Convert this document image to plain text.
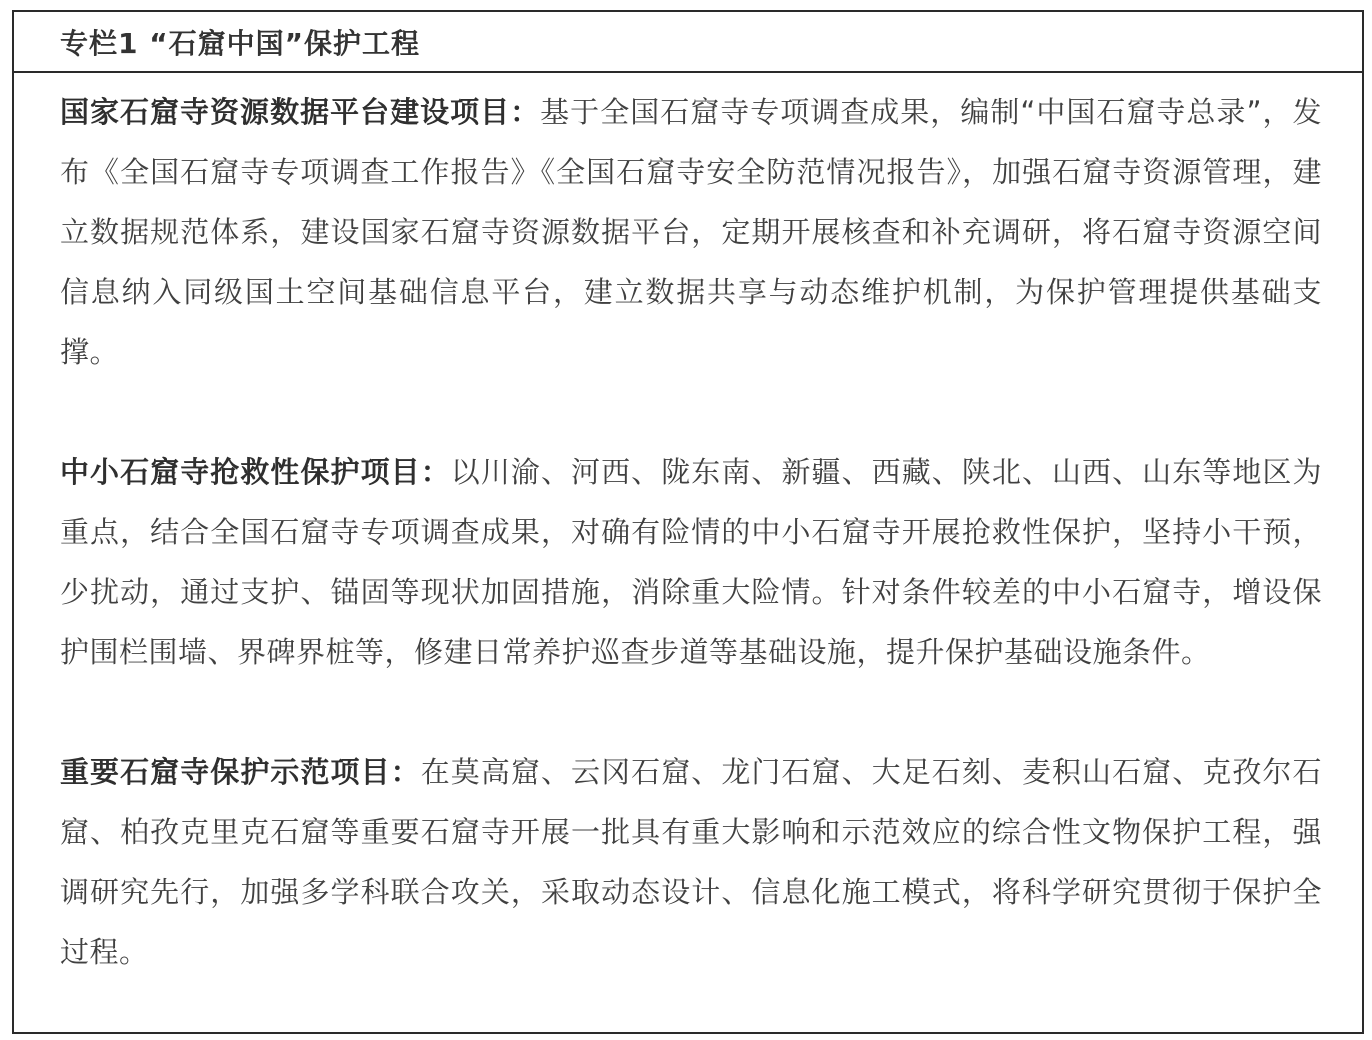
专栏1 “石窟中国”保护工程

国家石窟寺资源数据平台建设项目：基于全国石窟寺专项调查成果，编制“中国石窟寺总录”，发布《全国石窟寺专项调查工作报告》《全国石窟寺安全防范情况报告》，加强石窟寺资源管理，建立数据规范体系，建设国家石窟寺资源数据平台，定期开展核查和补充调研，将石窟寺资源空间信息纳入同级国土空间基础信息平台，建立数据共享与动态维护机制，为保护管理提供基础支撑。

中小石窟寺抢救性保护项目：以川渝、河西、陇东南、新疆、西藏、陕北、山西、山东等地区为重点，结合全国石窟寺专项调查成果，对确有险情的中小石窟寺开展抢救性保护，坚持小干预，少扰动，通过支护、锚固等现状加固措施，消除重大险情。针对条件较差的中小石窟寺，增设保护围栏围墙、界碑界桩等，修建日常养护巡查步道等基础设施，提升保护基础设施条件。

重要石窟寺保护示范项目：在莫高窟、云冈石窟、龙门石窟、大足石刻、麦积山石窟、克孜尔石窟、柏孜克里克石窟等重要石窟寺开展一批具有重大影响和示范效应的综合性文物保护工程，强调研究先行，加强多学科联合攻关，采取动态设计、信息化施工模式，将科学研究贯彻于保护全过程。
